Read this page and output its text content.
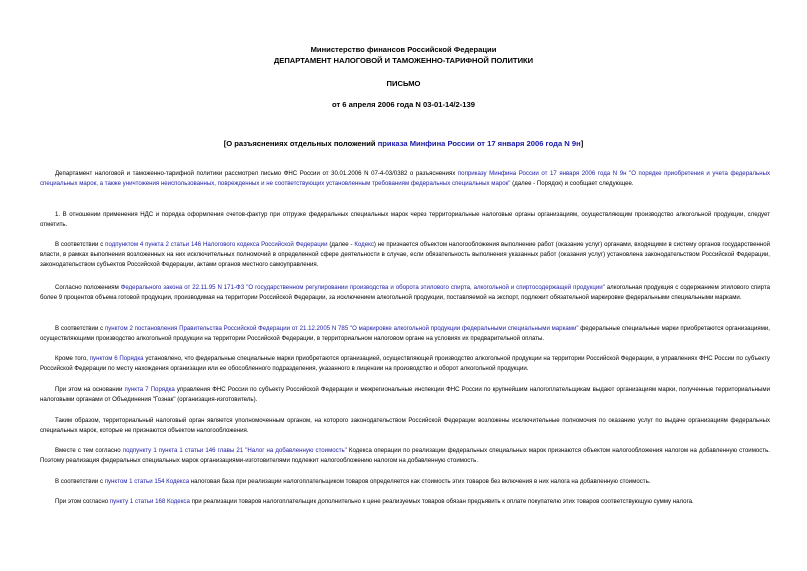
Министерство финансов Российской Федерации
ДЕПАРТАМЕНТ НАЛОГОВОЙ И ТАМОЖЕННО-ТАРИФНОЙ ПОЛИТИКИ
ПИСЬМО
от 6 апреля 2006 года N 03-01-14/2-139
[О разъяснениях отдельных положений приказа Минфина России от 17 января 2006 года N 9н]
Департамент налоговой и таможенно-тарифной политики рассмотрел письмо ФНС России от 30.01.2006 N 07-4-03/0382 о разъяснениях поприказу Минфина России от 17 января 2006 года N 9н "О порядке приобретения и учета федеральных специальных марок, а также уничтожения неиспользованных, поврежденных и не соответствующих установленным требованиям федеральных специальных марок" (далее - Порядок) и сообщает следующее.
1. В отношении применения НДС и порядка оформления счетов-фактур при отгрузке федеральных специальных марок через территориальные налоговые органы организациям, осуществляющим производство алкогольной продукции, следует отметить.
В соответствии с подпунктом 4 пункта 2 статьи 146 Налогового кодекса Российской Федерации (далее - Кодекс) не признается объектом налогообложения выполнение работ (оказание услуг) органами, входящими в систему органов государственной власти, в рамках выполнения возложенных на них исключительных полномочий в определенной сфере деятельности в случае, если обязательность выполнения указанных работ (оказания услуг) установлена законодательством Российской Федерации, законодательством субъектов Российской Федерации, актами органов местного самоуправления.
Согласно положениям Федерального закона от 22.11.95 N 171-ФЗ "О государственном регулировании производства и оборота этилового спирта, алкогольной и спиртосодержащей продукции" алкогольная продукция с содержанием этилового спирта более 9 процентов объема готовой продукции, производимая на территории Российской Федерации, за исключением алкогольной продукции, поставляемой на экспорт, подлежит обязательной маркировке федеральными специальными марками.
В соответствии с пунктом 2 постановления Правительства Российской Федерации от 21.12.2005 N 785 "О маркировке алкогольной продукции федеральными специальными марками" федеральные специальные марки приобретаются организациями, осуществляющими производство алкогольной продукции на территории Российской Федерации, в территориальном налоговом органе на условиях их предварительной оплаты.
Кроме того, пунктом 6 Порядка установлено, что федеральные специальные марки приобретаются организацией, осуществляющей производство алкогольной продукции на территории Российской Федерации, в управлениях ФНС России по субъекту Российской Федерации по месту нахождения организации или ее обособленного подразделения, указанного в лицензии на производство и оборот алкогольной продукции.
При этом на основании пункта 7 Порядка управления ФНС России по субъекту Российской Федерации и межрегиональные инспекции ФНС России по крупнейшим налогоплательщикам выдают организациям марки, полученные территориальными налоговыми органами от Объединения "Гознак" (организация-изготовитель).
Таким образом, территориальный налоговый орган является уполномоченным органом, на которого законодательством Российской Федерации возложены исключительные полномочия по оказанию услуг по выдаче организациям федеральных специальных марок, которые не признаются объектом налогообложения.
Вместе с тем согласно подпункту 1 пункта 1 статьи 146 главы 21 "Налог на добавленную стоимость" Кодекса операции по реализации федеральных специальных марок признаются объектом налогообложения налогом на добавленную стоимость. Поэтому реализация федеральных специальных марок организациями-изготовителями подлежит налогообложению налогом на добавленную стоимость.
В соответствии с пунктом 1 статьи 154 Кодекса налоговая база при реализации налогоплательщиком товаров определяется как стоимость этих товаров без включения в них налога на добавленную стоимость.
При этом согласно пункту 1 статьи 168 Кодекса при реализации товаров налогоплательщик дополнительно к цене реализуемых товаров обязан предъявить к оплате покупателю этих товаров соответствующую сумму налога.
